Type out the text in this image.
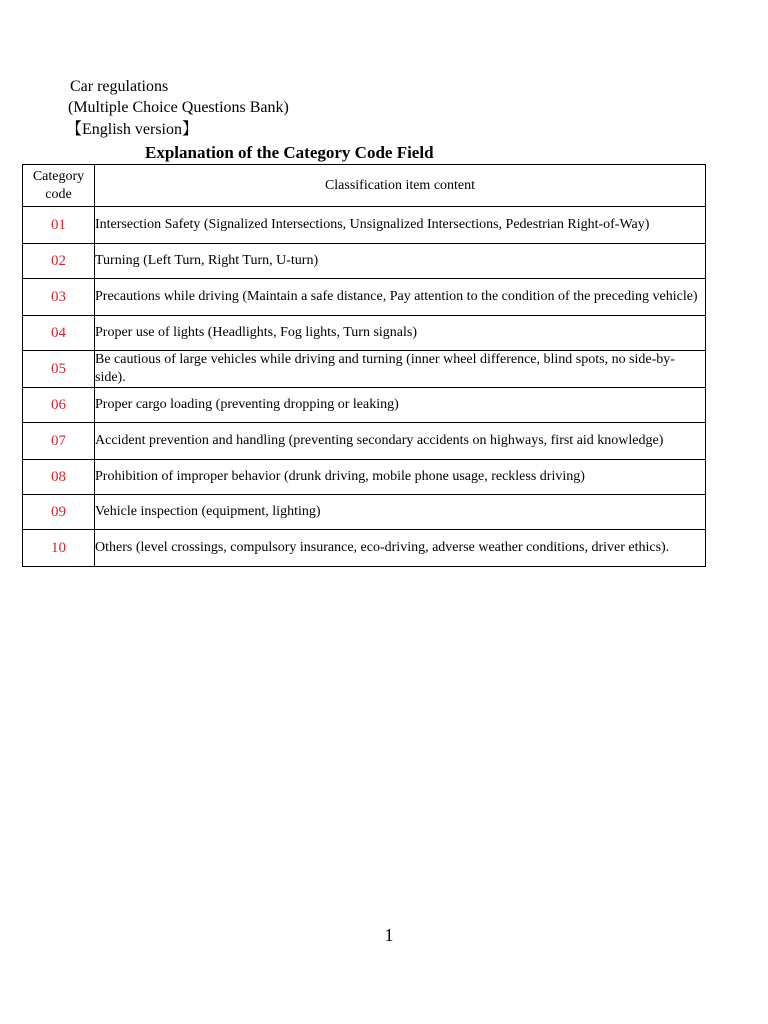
Car regulations
(Multiple Choice Questions Bank)
【English version】
Explanation of the Category Code Field
Category
code	Classification item content
01	Intersection Safety (Signalized Intersections, Unsignalized Intersections, Pedestrian Right-of-Way)
02	Turning (Left Turn, Right Turn, U-turn)
03	Precautions while driving (Maintain a safe distance, Pay attention to the condition of the preceding vehicle)
04	Proper use of lights (Headlights, Fog lights, Turn signals)
05	Be cautious of large vehicles while driving and turning (inner wheel difference, blind spots, no side-by-side).
06	Proper cargo loading (preventing dropping or leaking)
07	Accident prevention and handling (preventing secondary accidents on highways, first aid knowledge)
08	Prohibition of improper behavior (drunk driving, mobile phone usage, reckless driving)
09	Vehicle inspection (equipment, lighting)
10	Others (level crossings, compulsory insurance, eco-driving, adverse weather conditions, driver ethics).
1
